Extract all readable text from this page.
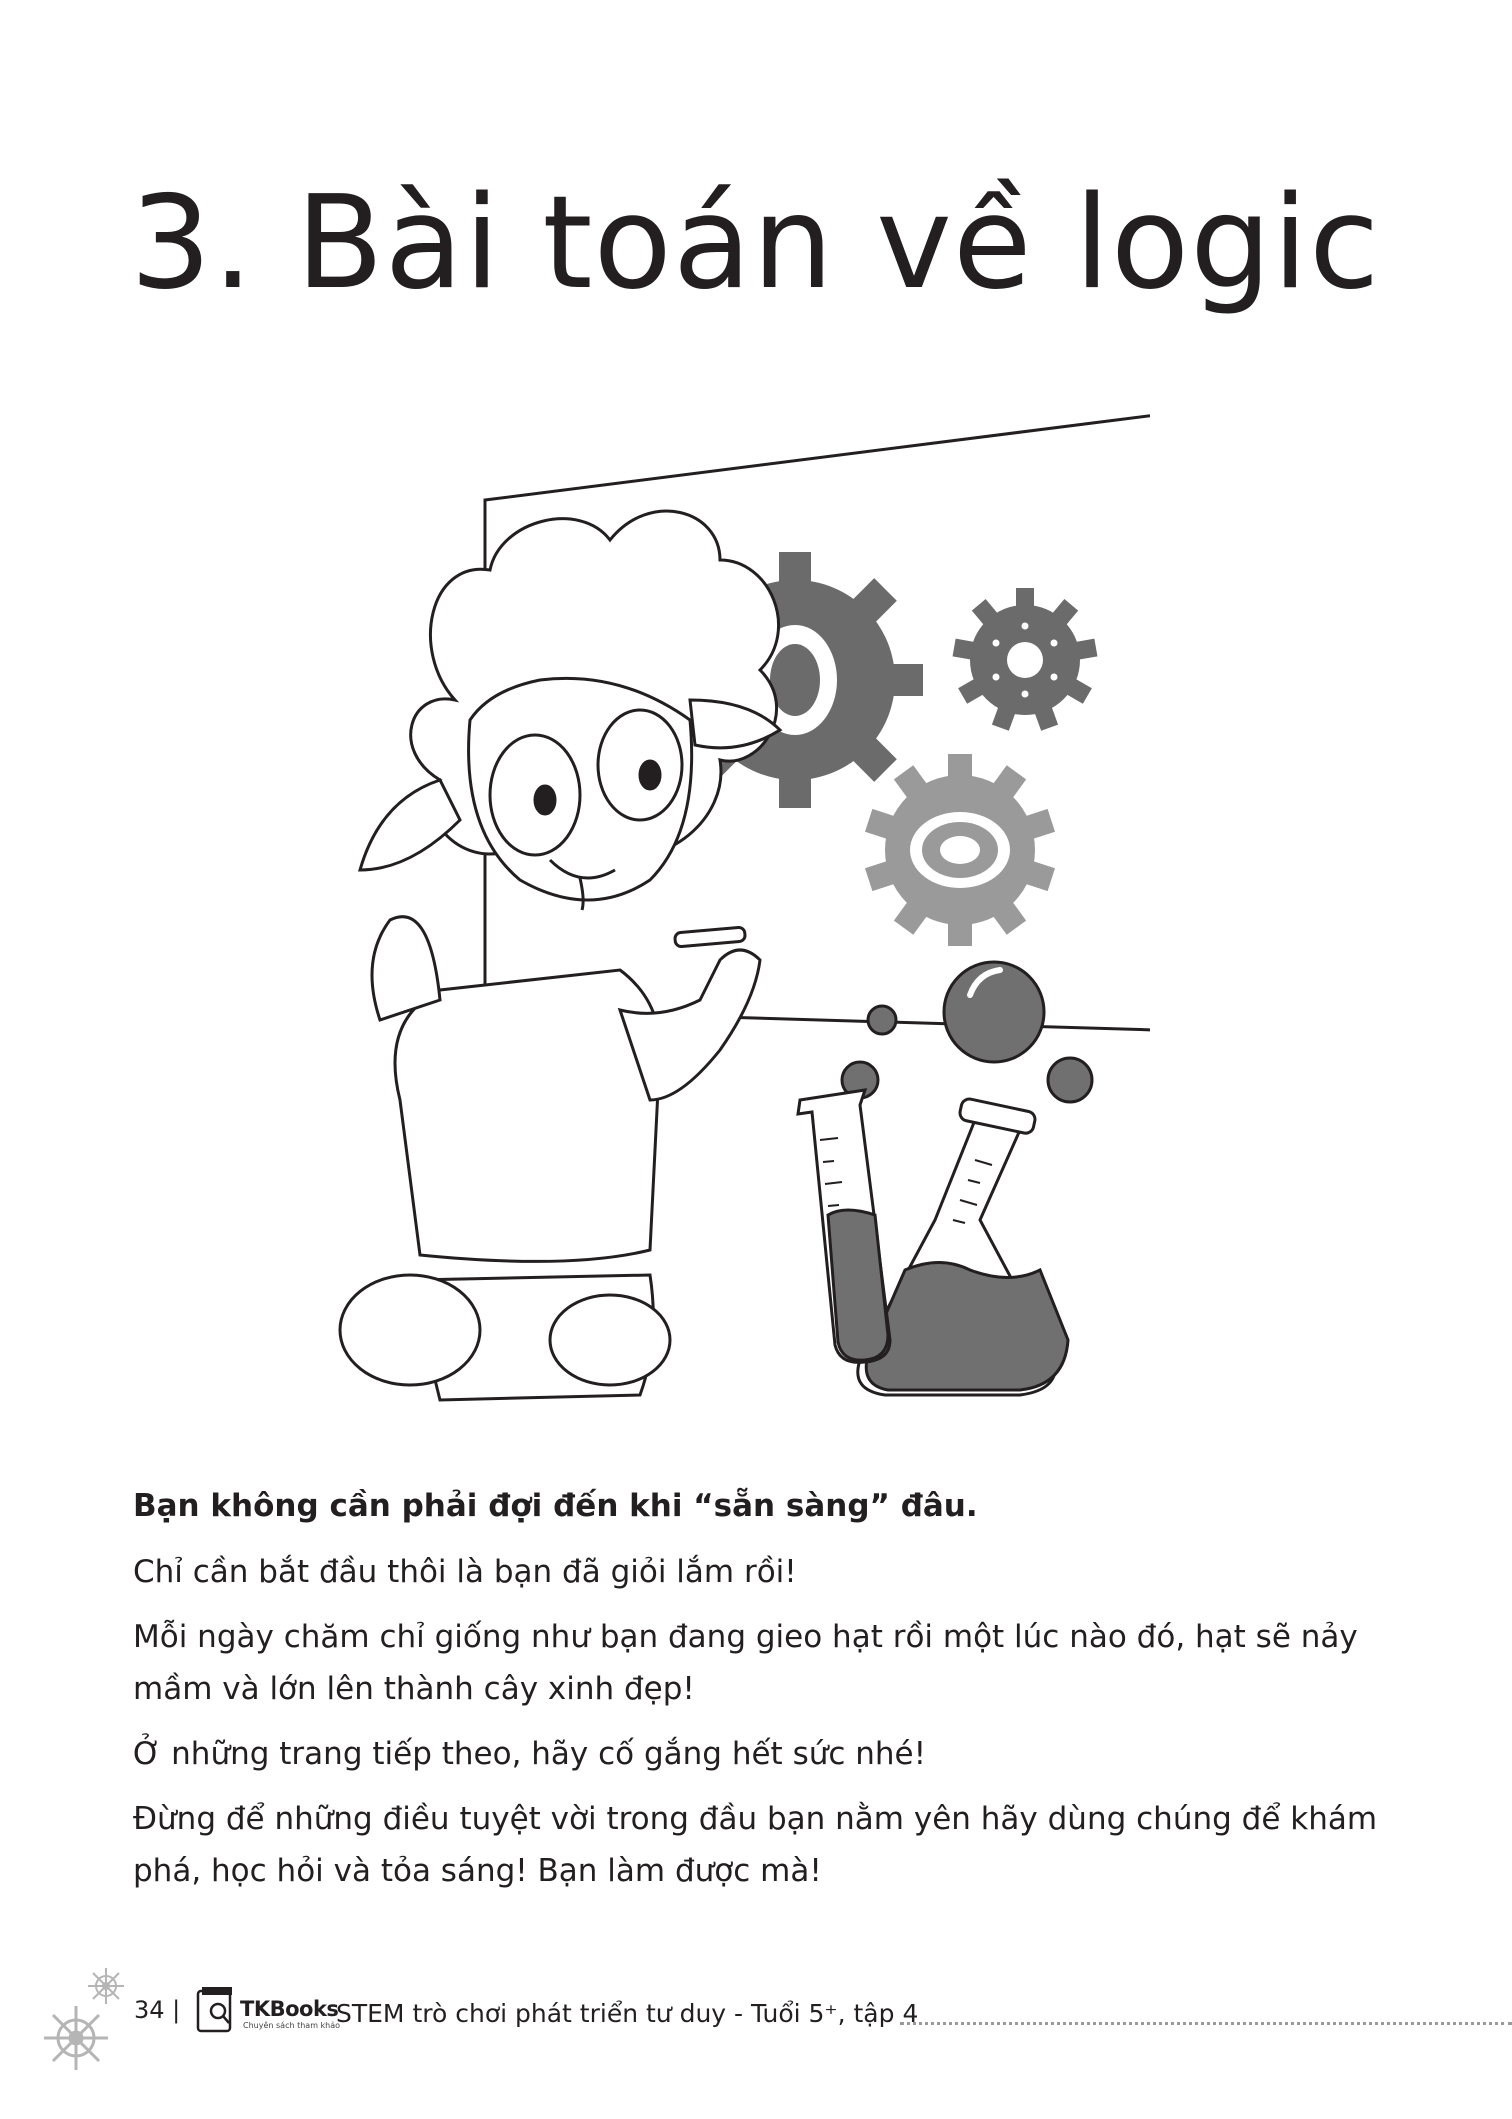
3. Bài toán về logic

Bạn không cần phải đợi đến khi “sẵn sàng” đâu.

Chỉ cần bắt đầu thôi là bạn đã giỏi lắm rồi!

Mỗi ngày chăm chỉ giống như bạn đang gieo hạt rồi một lúc nào đó, hạt sẽ nảy mầm và lớn lên thành cây xinh đẹp!

Ở những trang tiếp theo, hãy cố gắng hết sức nhé!

Đừng để những điều tuyệt vời trong đầu bạn nằm yên hãy dùng chúng để khám phá, học hỏi và tỏa sáng! Bạn làm được mà!

34 |	TKBooks
Chuyên sách tham khảo
STEM trò chơi phát triển tư duy - Tuổi 5⁺, tập 4
